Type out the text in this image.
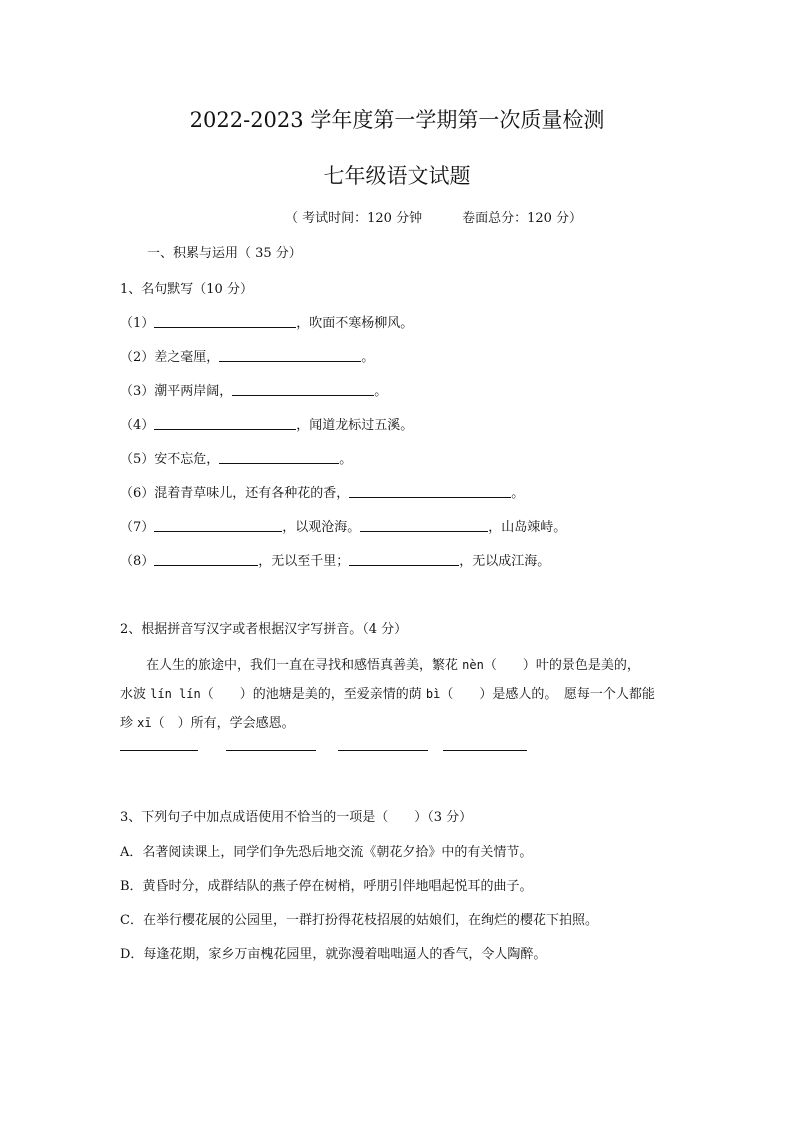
2022-2023 学年度第一学期第一次质量检测
七年级语文试题
（ 考试时间：120 分钟	卷面总分：120 分）
一、积累与运用（ 35 分）
1、名句默写（10 分）
（1）	，吹面不寒杨柳风。
（2）差之毫厘，	。
（3）潮平两岸阔，	。
（4）	，闻道龙标过五溪。
（5）安不忘危，	。
（6）混着青草味儿，还有各种花的香，	。
（7）	，以观沧海。	，山岛竦峙。
（8）	，无以至千里；	，无以成江海。
2、根据拼音写汉字或者根据汉字写拼音。（4 分）
在人生的旅途中，我们一直在寻找和感悟真善美，繁花 nèn（　　）叶的景色是美的，
水波 lín lín（　　）的池塘是美的，至爱亲情的荫 bì（　　）是感人的。　愿每一个人都能
珍 xī（　）所有，学会感恩。
3、下列句子中加点成语使用不恰当的一项是（　　）（3 分）
A．名著阅读课上，同学们争先恐后地交流《朝花夕拾》中的有关情节。
B．黄昏时分，成群结队的燕子停在树梢，呼朋引伴地唱起悦耳的曲子。
C．在举行樱花展的公园里，一群打扮得花枝招展的姑娘们，在绚烂的樱花下拍照。
D．每逢花期，家乡万亩槐花园里，就弥漫着咄咄逼人的香气，令人陶醉。
